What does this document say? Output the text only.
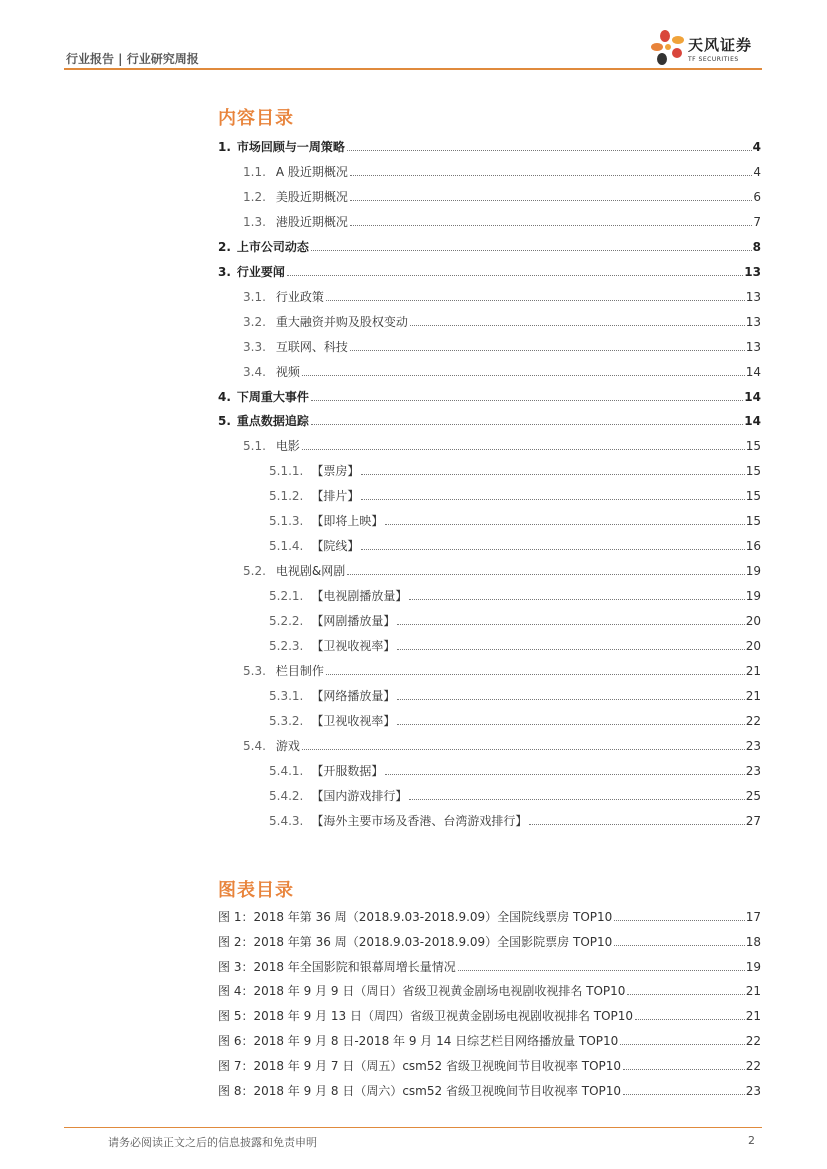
行业报告 | 行业研究周报
天风证券
TF SECURITIES
内容目录
1. 市场回顾与一周策略	4
1.1. A 股近期概况	4
1.2. 美股近期概况	6
1.3. 港股近期概况	7
2. 上市公司动态	8
3. 行业要闻	13
3.1. 行业政策	13
3.2. 重大融资并购及股权变动	13
3.3. 互联网、科技	13
3.4. 视频	14
4. 下周重大事件	14
5. 重点数据追踪	14
5.1. 电影	15
5.1.1. 【票房】	15
5.1.2. 【排片】	15
5.1.3. 【即将上映】	15
5.1.4. 【院线】	16
5.2. 电视剧&网剧	19
5.2.1. 【电视剧播放量】	19
5.2.2. 【网剧播放量】	20
5.2.3. 【卫视收视率】	20
5.3. 栏目制作	21
5.3.1. 【网络播放量】	21
5.3.2. 【卫视收视率】	22
5.4. 游戏	23
5.4.1. 【开服数据】	23
5.4.2. 【国内游戏排行】	25
5.4.3. 【海外主要市场及香港、台湾游戏排行】	27
图表目录
图 1：2018 年第 36 周（2018.9.03-2018.9.09）全国院线票房 TOP10	17
图 2：2018 年第 36 周（2018.9.03-2018.9.09）全国影院票房 TOP10	18
图 3：2018 年全国影院和银幕周增长量情况	19
图 4：2018 年 9 月 9 日（周日）省级卫视黄金剧场电视剧收视排名 TOP10	21
图 5：2018 年 9 月 13 日（周四）省级卫视黄金剧场电视剧收视排名 TOP10	21
图 6：2018 年 9 月 8 日-2018 年 9 月 14 日综艺栏目网络播放量 TOP10	22
图 7：2018 年 9 月 7 日（周五）csm52 省级卫视晚间节目收视率 TOP10	22
图 8：2018 年 9 月 8 日（周六）csm52 省级卫视晚间节目收视率 TOP10	23
请务必阅读正文之后的信息披露和免责申明	2
